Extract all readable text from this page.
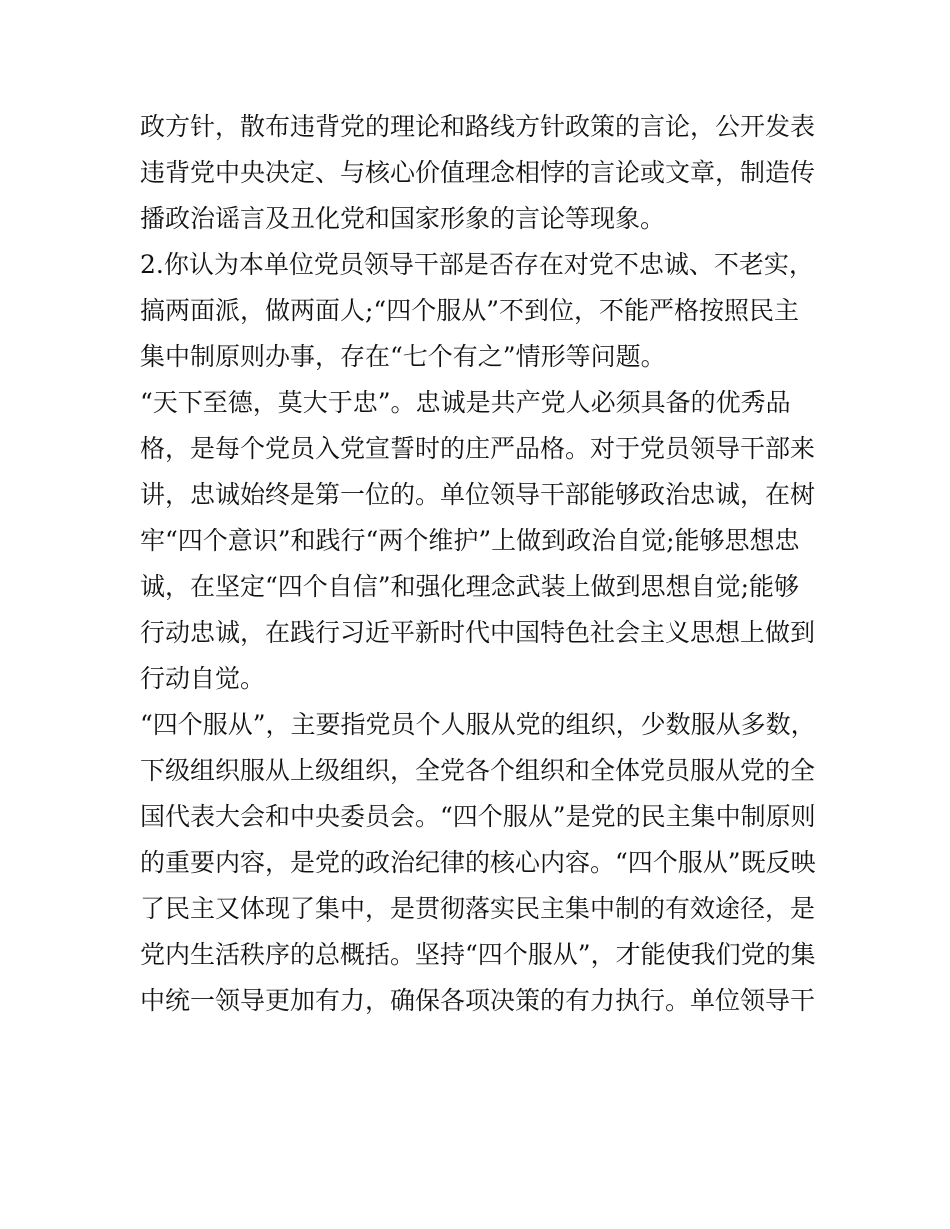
政方针，散布违背党的理论和路线方针政策的言论，公开发表
违背党中央决定、与核心价值理念相悖的言论或文章，制造传
播政治谣言及丑化党和国家形象的言论等现象。
2.你认为本单位党员领导干部是否存在对党不忠诚、不老实，
搞两面派，做两面人;“四个服从”不到位，不能严格按照民主
集中制原则办事，存在“七个有之”情形等问题。
“天下至德，莫大于忠”。忠诚是共产党人必须具备的优秀品
格，是每个党员入党宣誓时的庄严品格。对于党员领导干部来
讲，忠诚始终是第一位的。单位领导干部能够政治忠诚，在树
牢“四个意识”和践行“两个维护”上做到政治自觉;能够思想忠
诚，在坚定“四个自信”和强化理念武装上做到思想自觉;能够
行动忠诚，在践行习近平新时代中国特色社会主义思想上做到
行动自觉。
“四个服从”，主要指党员个人服从党的组织，少数服从多数，
下级组织服从上级组织，全党各个组织和全体党员服从党的全
国代表大会和中央委员会。“四个服从”是党的民主集中制原则
的重要内容，是党的政治纪律的核心内容。“四个服从”既反映
了民主又体现了集中，是贯彻落实民主集中制的有效途径，是
党内生活秩序的总概括。坚持“四个服从”，才能使我们党的集
中统一领导更加有力，确保各项决策的有力执行。单位领导干
